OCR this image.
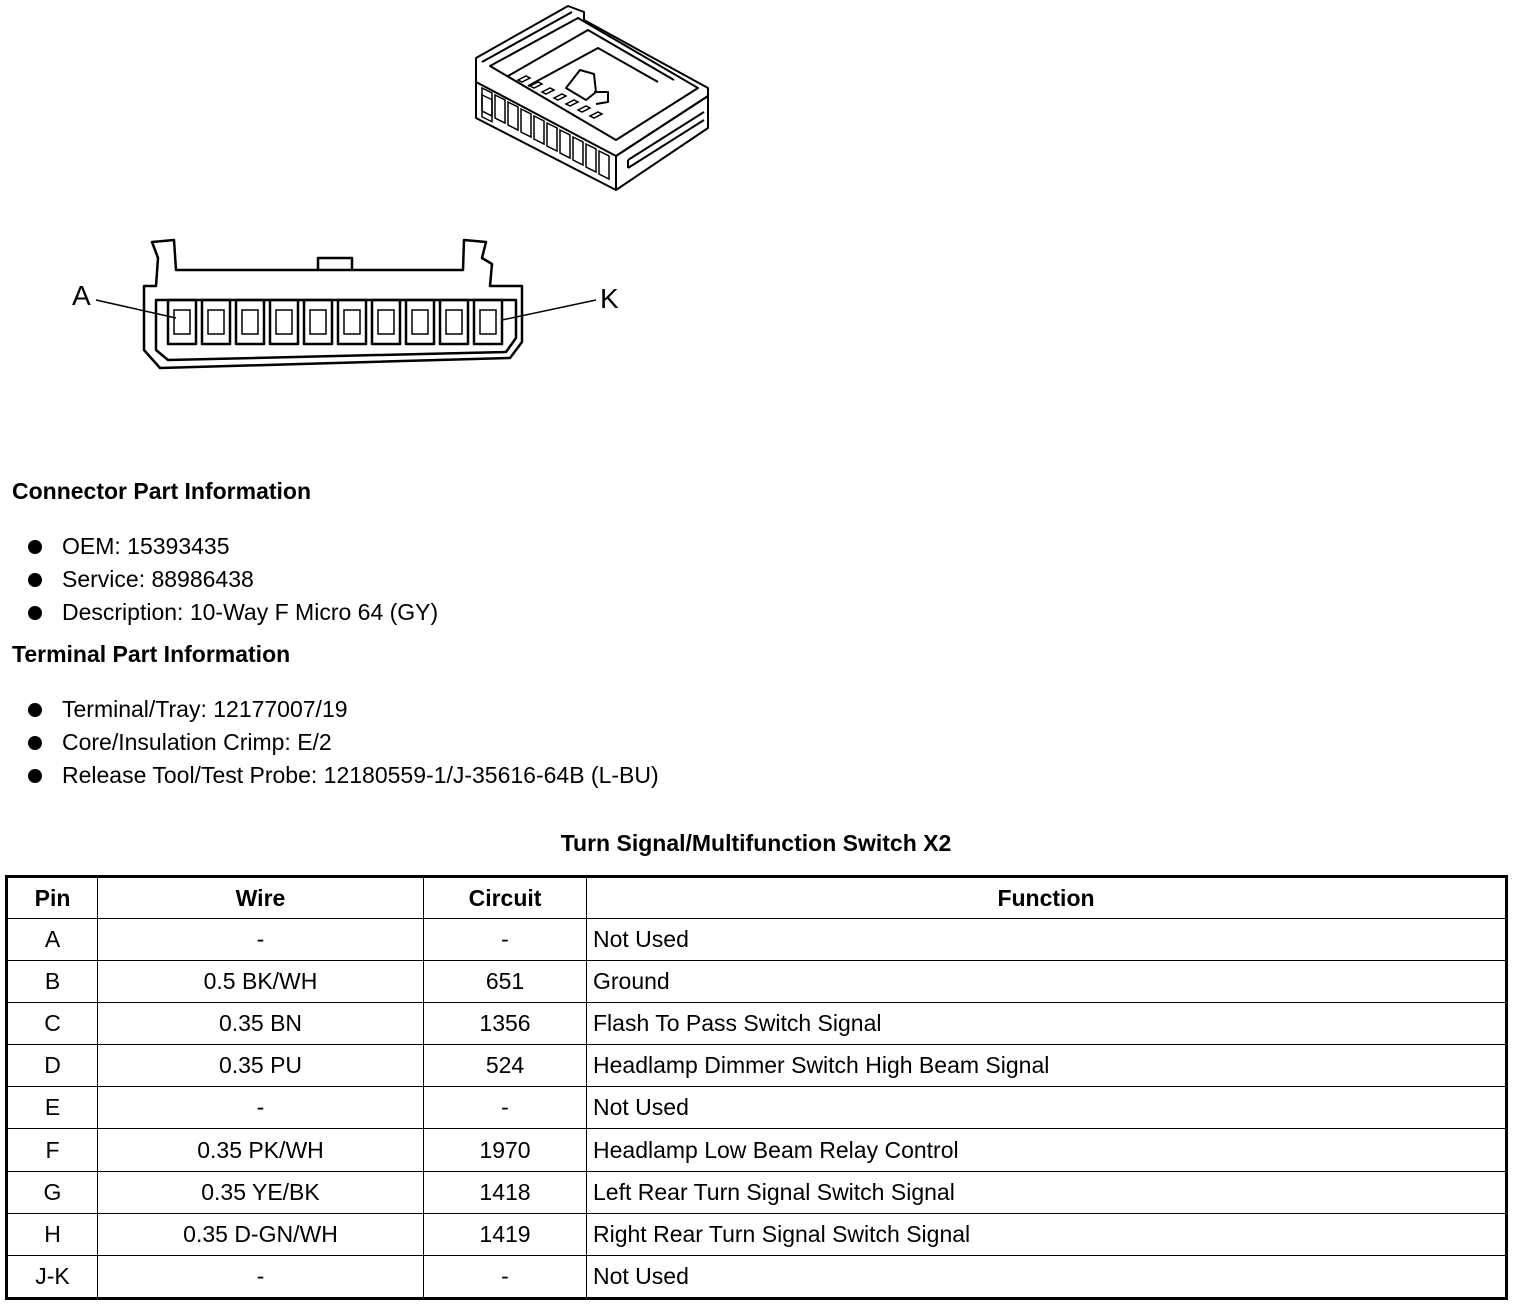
A	K
Connector Part Information
OEM: 15393435
Service: 88986438
Description: 10-Way F Micro 64 (GY)
Terminal Part Information
Terminal/Tray: 12177007/19
Core/Insulation Crimp: E/2
Release Tool/Test Probe: 12180559-1/J-35616-64B (L-BU)
Turn Signal/Multifunction Switch X2
Pin	Wire	Circuit	Function
A	-	-	Not Used
B	0.5 BK/WH	651	Ground
C	0.35 BN	1356	Flash To Pass Switch Signal
D	0.35 PU	524	Headlamp Dimmer Switch High Beam Signal
E	-	-	Not Used
F	0.35 PK/WH	1970	Headlamp Low Beam Relay Control
G	0.35 YE/BK	1418	Left Rear Turn Signal Switch Signal
H	0.35 D-GN/WH	1419	Right Rear Turn Signal Switch Signal
J-K	-	-	Not Used
